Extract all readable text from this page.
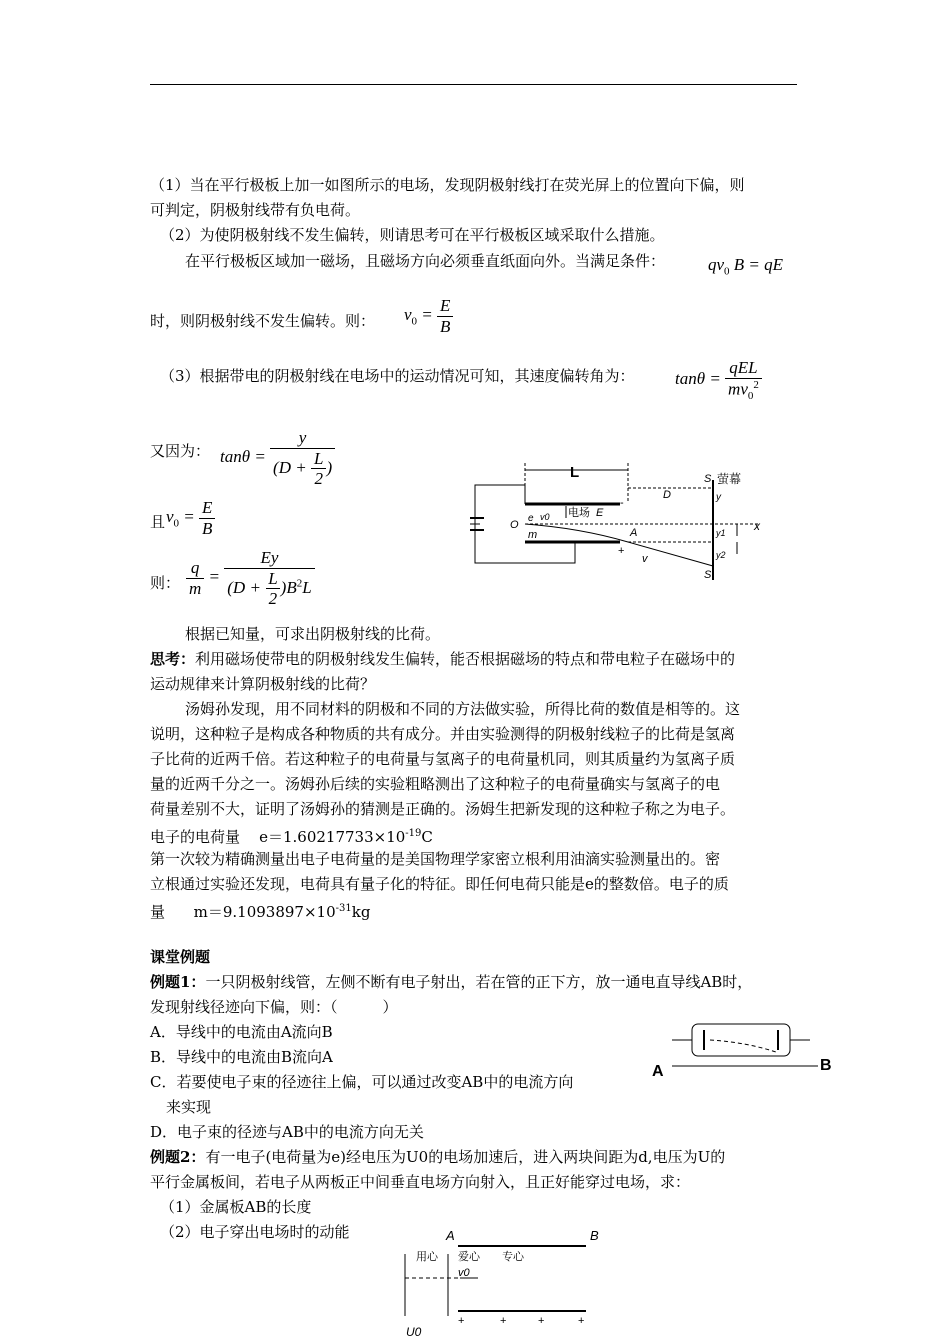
（1）当在平行极板上加一如图所示的电场，发现阴极射线打在荧光屏上的位置向下偏，则
可判定，阴极射线带有负电荷。
（2）为使阴极射线不发生偏转，则请思考可在平行极板区域采取什么措施。
在平行极板区域加一磁场，且磁场方向必须垂直纸面向外。当满足条件：	$qv_0$ B = qE
时，则阴极射线不发生偏转。则： $v_0 = \frac{E}{B}$
（3）根据带电的阴极射线在电场中的运动情况可知，其速度偏转角为： $\tan\theta = \frac{\text{qEL}}{mv_0^2}$
又因为： $\tan\theta = \frac{y}{(D + \frac{L}{2} )}$
且 $v_0 = \frac{E}{B}$
则： $\frac{q}{m} = \frac{Ey}{(D + \frac{L}{2} )B^2L}$
根据已知量，可求出阴极射线的比荷。
思考：利用磁场使带电的阴极射线发生偏转，能否根据磁场的特点和带电粒子在磁场中的
运动规律来计算阴极射线的比荷？
汤姆孙发现，用不同材料的阴极和不同的方法做实验，所得比荷的数值是相等的。这
说明，这种粒子是构成各种物质的共有成分。并由实验测得的阴极射线粒子的比荷是氢离
子比荷的近两千倍。若这种粒子的电荷量与氢离子的电荷量机同，则其质量约为氢离子质
量的近两千分之一。汤姆孙后续的实验粗略测出了这种粒子的电荷量确实与氢离子的电
荷量差别不大，证明了汤姆孙的猜测是正确的。汤姆生把新发现的这种粒子称之为电子。
电子的电荷量 $e=1.60217733\times 10^{-19}C$
第一次较为精确测量出电子电荷量的是美国物理学家密立根利用油滴实验测量出的。密
立根通过实验还发现，电荷具有量子化的特征。即任何电荷只能是e的整数倍。电子的质
量 $m=9.1093897\times 10^{-31}kg$
课堂例题
例题1：一只阴极射线管，左侧不断有电子射出，若在管的正下方，放一通电直导线AB时，
发现射线径迹向下偏，则：（　　　）
A．导线中的电流由A流向B
B．导线中的电流由B流向A
C．若要使电子束的径迹往上偏，可以通过改变AB中的电流方向
来实现
D．电子束的径迹与AB中的电流方向无关
例题2：有一电子(电荷量为e)经电压为U0的电场加速后，进入两块间距为d,电压为U的
平行金属板间，若电子从两板正中间垂直电场方向射入，且正好能穿过电场，求：
（1）金属板AB的长度
（2）电子穿出电场时的动能
L
D
S 萤幕
S
电场 E
O
e v0
m	A
v
x
y
y1
y2
-
+
A	B
A	B
用心 爱心 专心
v0
U0
+	+	+	+
